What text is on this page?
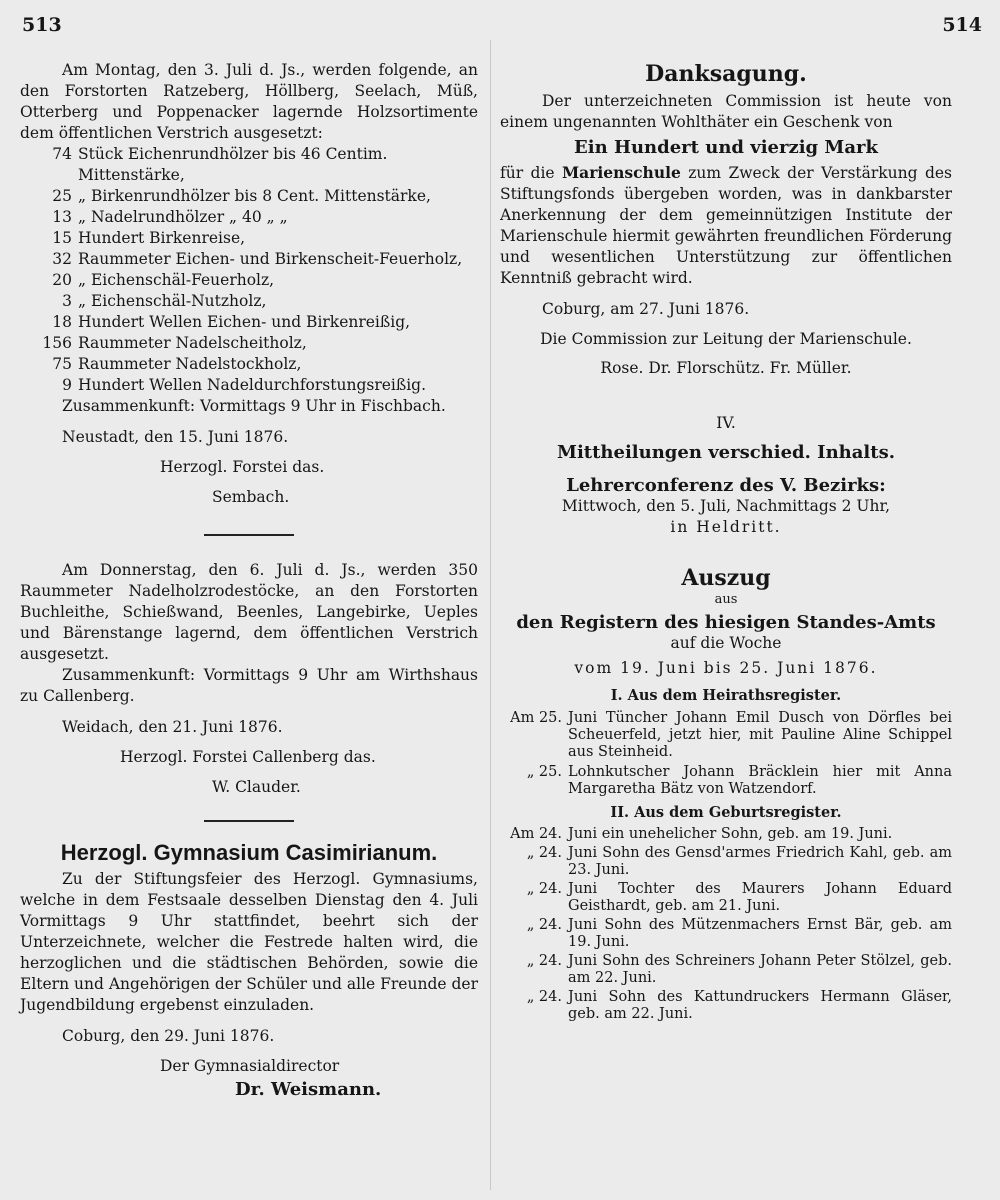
513	514

Am Montag, den 3. Juli d. Js., werden folgende, an den Forstorten Ratzeberg, Höllberg, Seelach, Müß, Otterberg und Poppenacker lagernde Holzsortimente dem öffentlichen Verstrich ausgesetzt:

74 Stück Eichenrundhölzer bis 46 Centim. Mittenstärke,
25 „ Birkenrundhölzer bis 8 Cent. Mittenstärke,
13 „ Nadelrundhölzer „ 40 „ „
15 Hundert Birkenreise,
32 Raummeter Eichen- und Birkenscheit-Feuerholz,
20 „ Eichenschäl-Feuerholz,
3 „ Eichenschäl-Nutzholz,
18 Hundert Wellen Eichen- und Birkenreißig,
156 Raummeter Nadelscheitholz,
75 Raummeter Nadelstockholz,
9 Hundert Wellen Nadeldurchforstungsreißig.

Zusammenkunft: Vormittags 9 Uhr in Fischbach.

Neustadt, den 15. Juni 1876.

Herzogl. Forstei das.

Sembach.

Am Donnerstag, den 6. Juli d. Js., werden 350 Raummeter Nadelholzrodestöcke, an den Forstorten Buchleithe, Schießwand, Beenles, Langebirke, Ueples und Bärenstange lagernd, dem öffentlichen Verstrich ausgesetzt.

Zusammenkunft: Vormittags 9 Uhr am Wirthshaus zu Callenberg.

Weidach, den 21. Juni 1876.

Herzogl. Forstei Callenberg das.

W. Clauder.

Herzogl. Gymnasium Casimirianum.

Zu der Stiftungsfeier des Herzogl. Gymnasiums, welche in dem Festsaale desselben Dienstag den 4. Juli Vormittags 9 Uhr stattfindet, beehrt sich der Unterzeichnete, welcher die Festrede halten wird, die herzoglichen und die städtischen Behörden, sowie die Eltern und Angehörigen der Schüler und alle Freunde der Jugendbildung ergebenst einzuladen.

Coburg, den 29. Juni 1876.

Der Gymnasialdirector

Dr. Weismann.

Danksagung.

Der unterzeichneten Commission ist heute von einem ungenannten Wohlthäter ein Geschenk von

Ein Hundert und vierzig Mark

für die Marienschule zum Zweck der Verstärkung des Stiftungsfonds übergeben worden, was in dankbarster Anerkennung der dem gemeinnützigen Institute der Marienschule hiermit gewährten freundlichen Förderung und wesentlichen Unterstützung zur öffentlichen Kenntniß gebracht wird.

Coburg, am 27. Juni 1876.

Die Commission zur Leitung der Marienschule.

Rose. Dr. Florschütz. Fr. Müller.

IV.

Mittheilungen verschied. Inhalts.

Lehrerconferenz des V. Bezirks:

Mittwoch, den 5. Juli, Nachmittags 2 Uhr,

in Heldritt.

Auszug

aus

den Registern des hiesigen Standes-Amts

auf die Woche

vom 19. Juni bis 25. Juni 1876.

I. Aus dem Heirathsregister.

Am 25. Juni Tüncher Johann Emil Dusch von Dörfles bei Scheuerfeld, jetzt hier, mit Pauline Aline Schippel aus Steinheid.
„ 25. Lohnkutscher Johann Bräcklein hier mit Anna Margaretha Bätz von Watzendorf.

II. Aus dem Geburtsregister.

Am 24. Juni ein unehelicher Sohn, geb. am 19. Juni.
„ 24. Juni Sohn des Gensd'armes Friedrich Kahl, geb. am 23. Juni.
„ 24. Juni Tochter des Maurers Johann Eduard Geisthardt, geb. am 21. Juni.
„ 24. Juni Sohn des Mützenmachers Ernst Bär, geb. am 19. Juni.
„ 24. Juni Sohn des Schreiners Johann Peter Stölzel, geb. am 22. Juni.
„ 24. Juni Sohn des Kattundruckers Hermann Gläser, geb. am 22. Juni.
